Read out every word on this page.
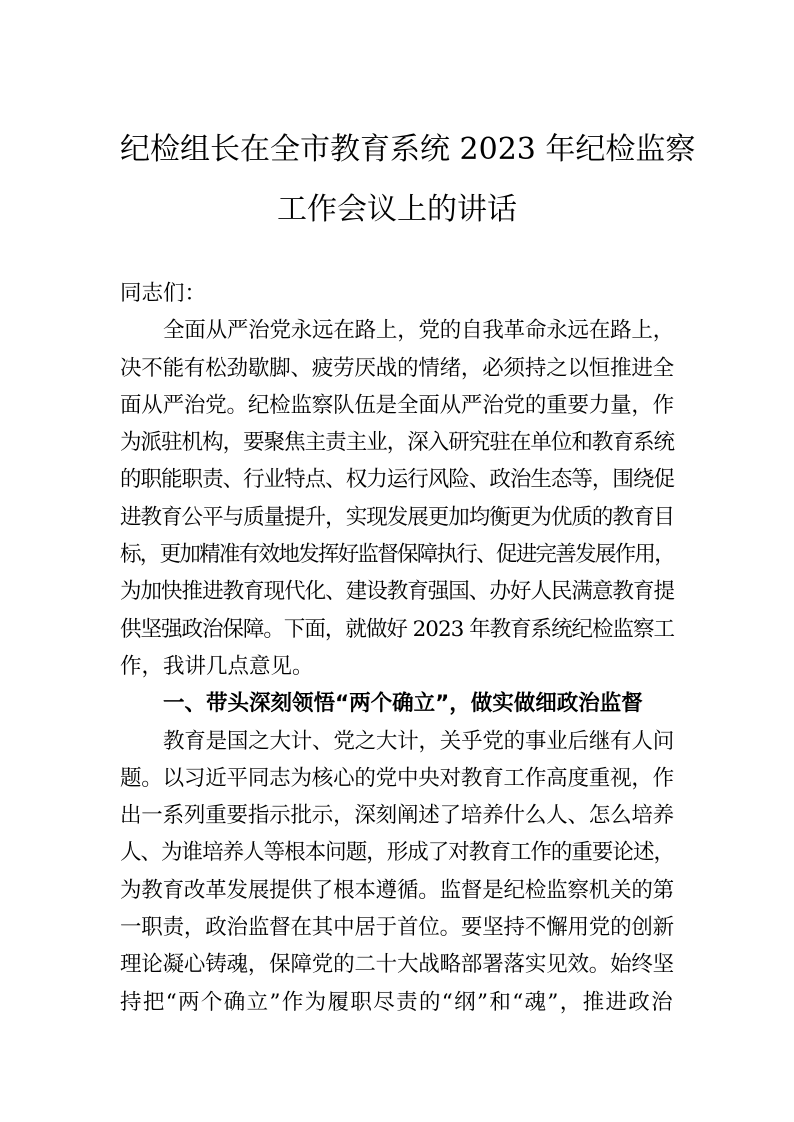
纪检组长在全市教育系统 2023 年纪检监察
工作会议上的讲话
同志们：
全面从严治党永远在路上，党的自我革命永远在路上，
决不能有松劲歇脚、疲劳厌战的情绪，必须持之以恒推进全
面从严治党。纪检监察队伍是全面从严治党的重要力量，作
为派驻机构，要聚焦主责主业，深入研究驻在单位和教育系统
的职能职责、行业特点、权力运行风险、政治生态等，围绕促
进教育公平与质量提升，实现发展更加均衡更为优质的教育目
标，更加精准有效地发挥好监督保障执行、促进完善发展作用，
为加快推进教育现代化、建设教育强国、办好人民满意教育提
供坚强政治保障。下面，就做好 2023 年教育系统纪检监察工
作，我讲几点意见。
一、带头深刻领悟“两个确立”，做实做细政治监督
教育是国之大计、党之大计，关乎党的事业后继有人问
题。以习近平同志为核心的党中央对教育工作高度重视，作
出一系列重要指示批示，深刻阐述了培养什么人、怎么培养
人、为谁培养人等根本问题，形成了对教育工作的重要论述，
为教育改革发展提供了根本遵循。监督是纪检监察机关的第
一职责，政治监督在其中居于首位。要坚持不懈用党的创新
理论凝心铸魂，保障党的二十大战略部署落实见效。始终坚
持把“两个确立”作为履职尽责的“纲”和“魂”，推进政治
